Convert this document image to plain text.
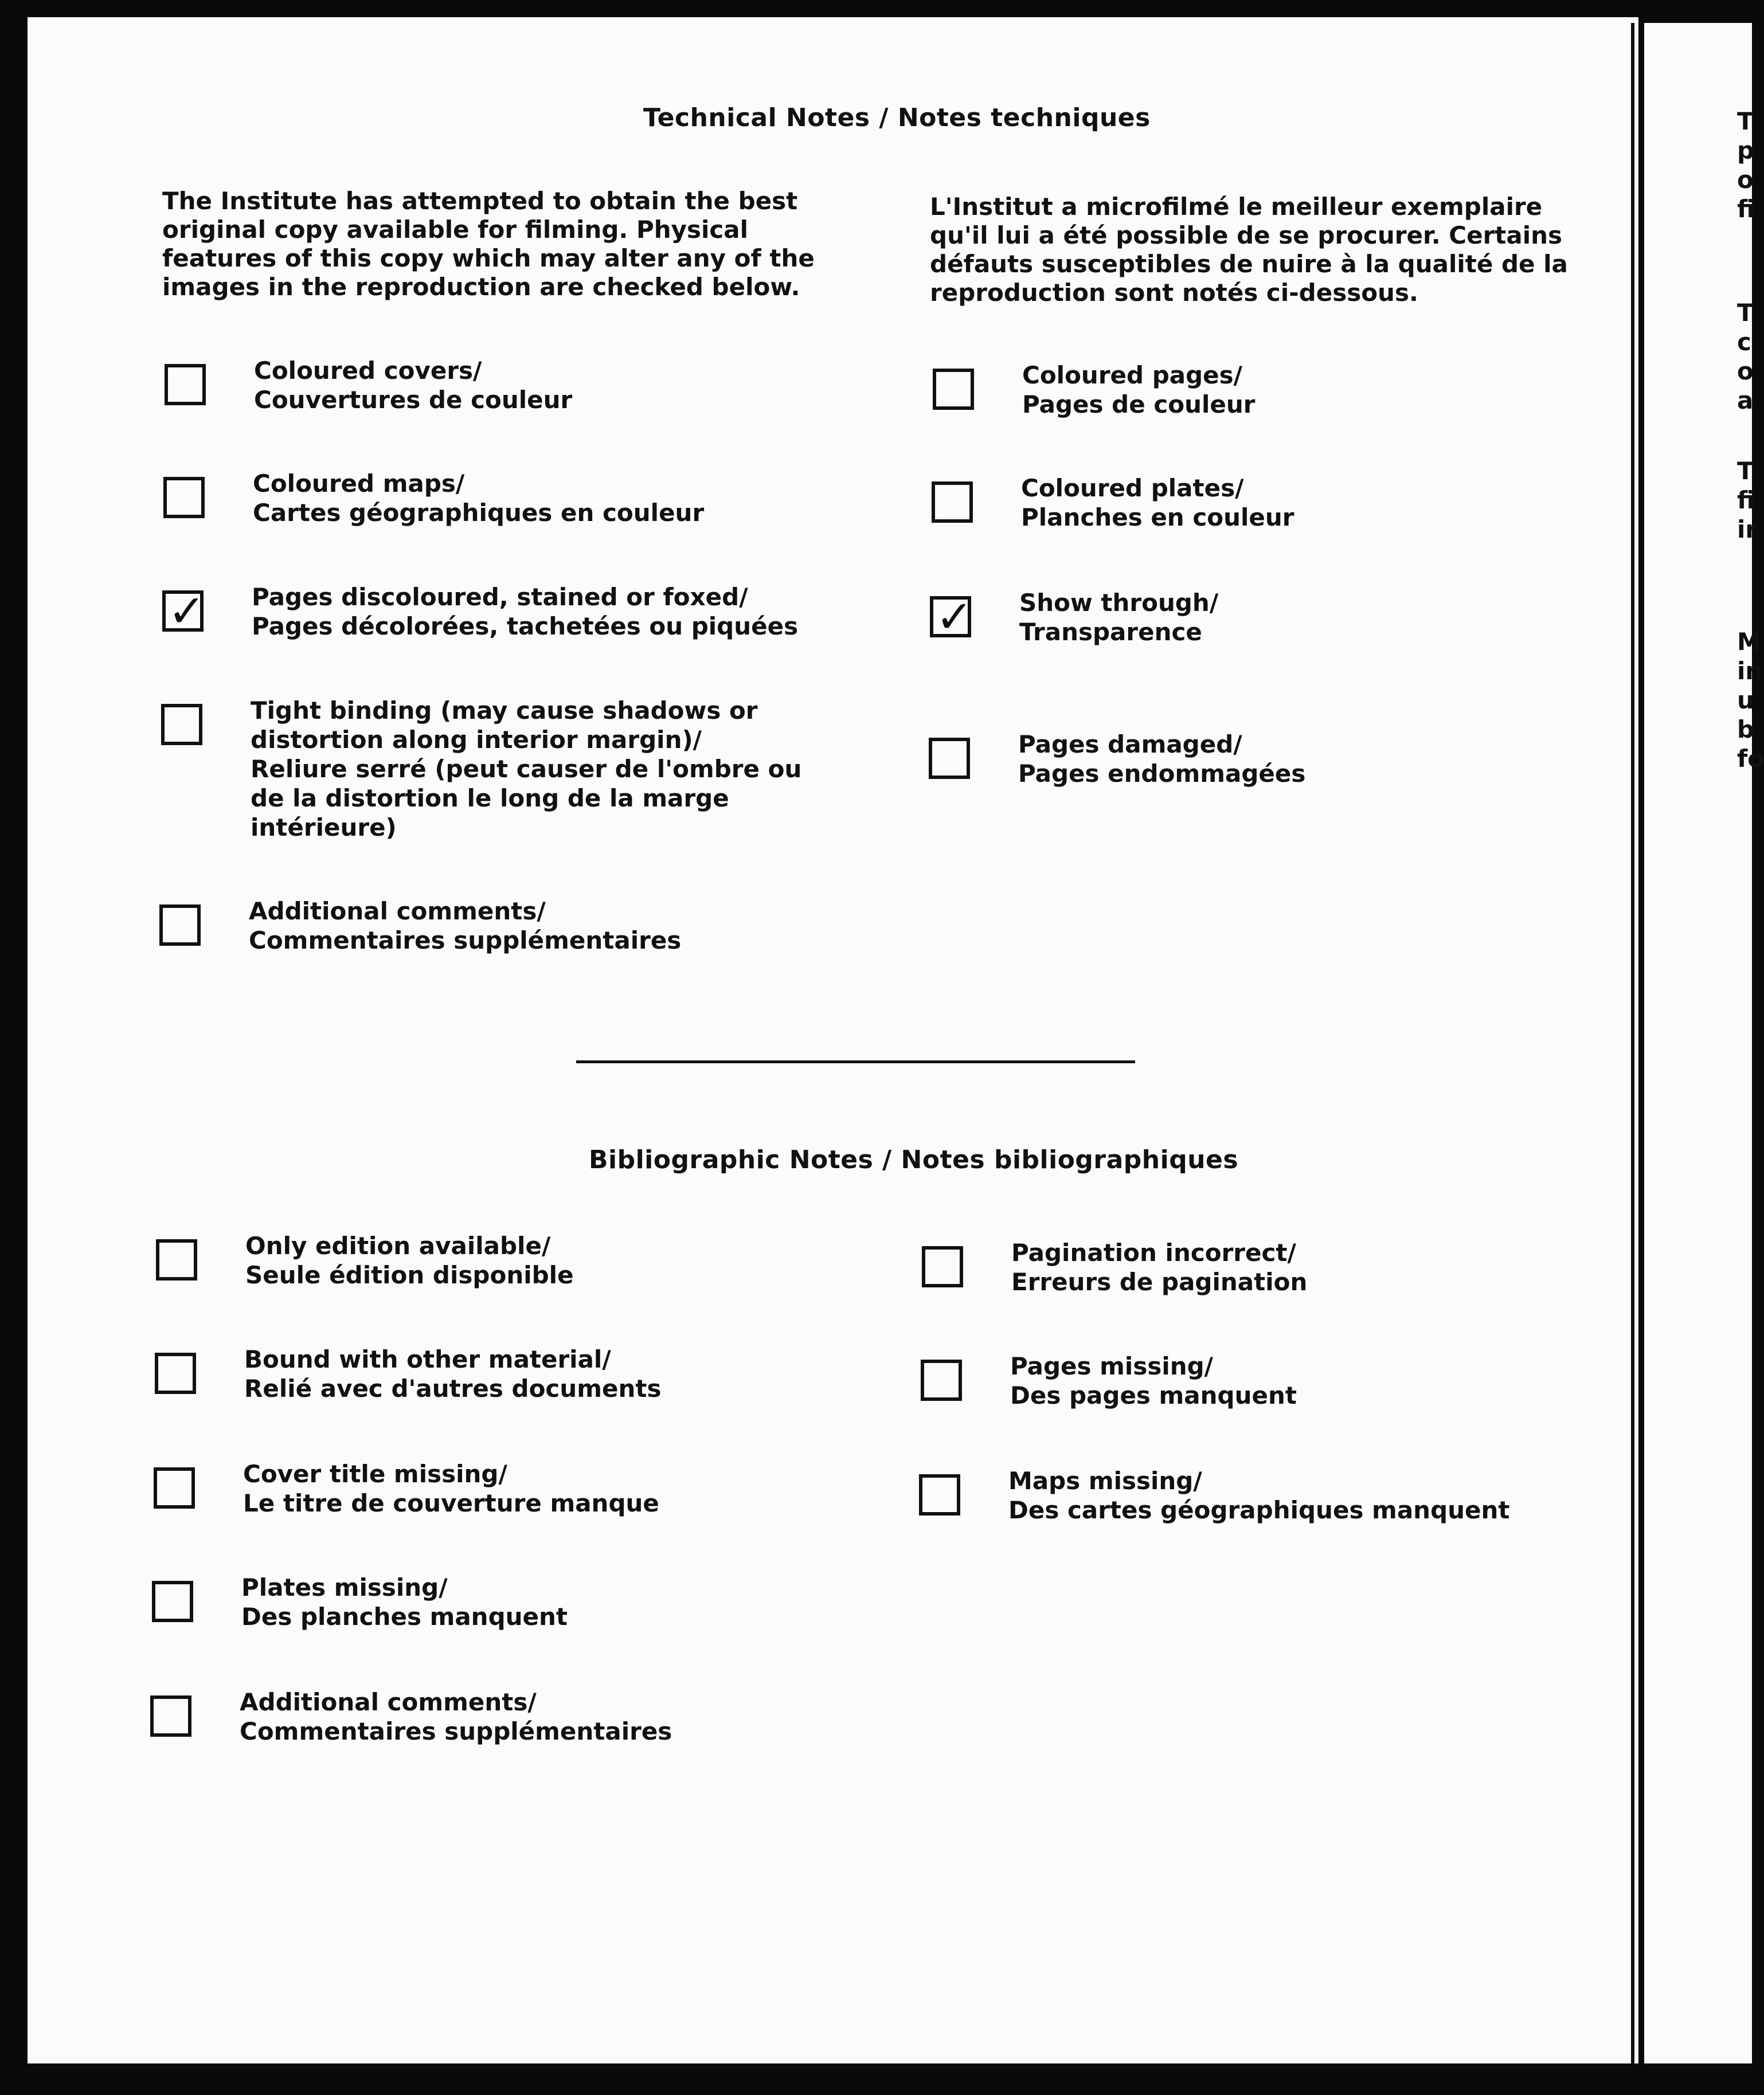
Technical Notes / Notes techniques
The Institute has attempted to obtain the best
original copy available for filming. Physical
features of this copy which may alter any of the
images in the reproduction are checked below.
L'Institut a microfilmé le meilleur exemplaire
qu'il lui a été possible de se procurer. Certains
défauts susceptibles de nuire à la qualité de la
reproduction sont notés ci-dessous.
Coloured covers/
Couvertures de couleur
Coloured maps/
Cartes géographiques en couleur
✓ Pages discoloured, stained or foxed/
Pages décolorées, tachetées ou piquées
Tight binding (may cause shadows or
distortion along interior margin)/
Reliure serré (peut causer de l'ombre ou
de la distortion le long de la marge
intérieure)
Additional comments/
Commentaires supplémentaires
Coloured pages/
Pages de couleur
Coloured plates/
Planches en couleur
✓ Show through/
Transparence
Pages damaged/
Pages endommagées
Bibliographic Notes / Notes bibliographiques
Only edition available/
Seule édition disponible
Bound with other material/
Relié avec d'autres documents
Cover title missing/
Le titre de couverture manque
Plates missing/
Des planches manquent
Additional comments/
Commentaires supplémentaires
Pagination incorrect/
Erreurs de pagination
Pages missing/
Des pages manquent
Maps missing/
Des cartes géographiques manquent
T
p
o
fi
T
c
o
a
T
fi
ir
M
in
u
b
fo
